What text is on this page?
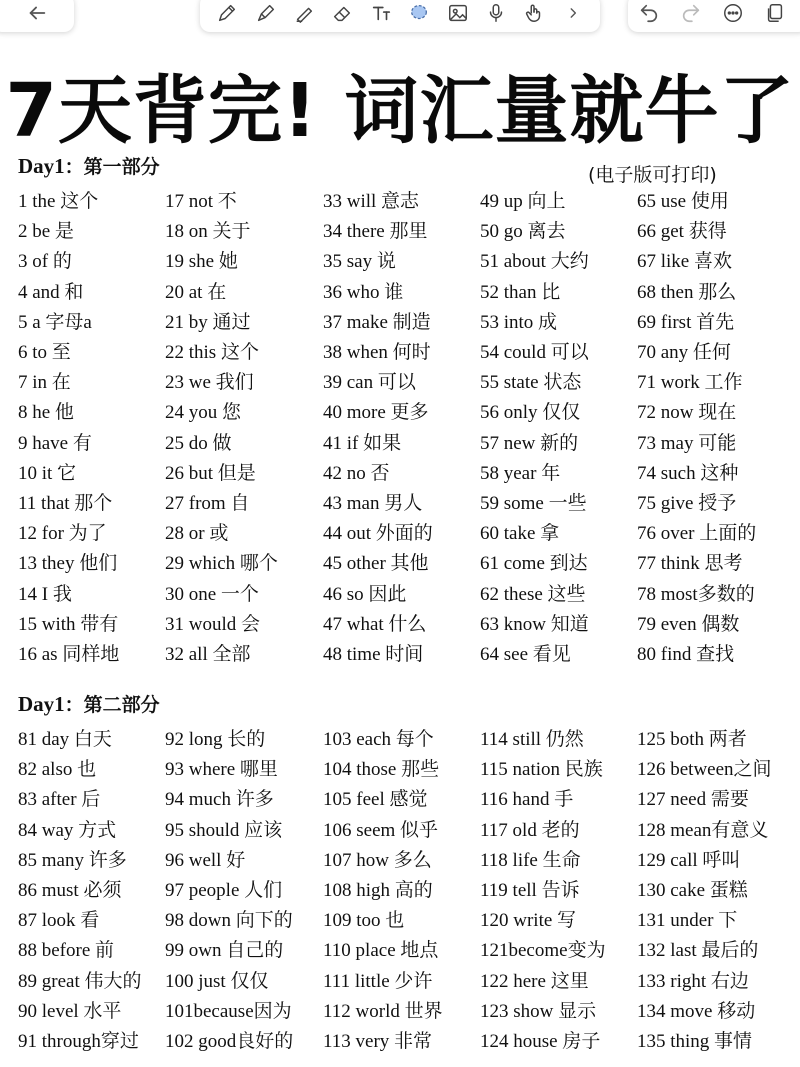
7天背完! 词汇量就牛了
Day1：第一部分	(电子版可打印)
1 the 这个
2 be 是
3 of 的
4 and 和
5 a 字母a
6 to 至
7 in 在
8 he 他
9 have 有
10 it 它
11 that 那个
12 for 为了
13 they 他们
14 I 我
15 with 带有
16 as 同样地
17 not 不
18 on 关于
19 she 她
20 at 在
21 by 通过
22 this 这个
23 we 我们
24 you 您
25 do 做
26 but 但是
27 from 自
28 or 或
29 which 哪个
30 one 一个
31 would 会
32 all 全部
33 will 意志
34 there 那里
35 say 说
36 who 谁
37 make 制造
38 when 何时
39 can 可以
40 more 更多
41 if 如果
42 no 否
43 man 男人
44 out 外面的
45 other 其他
46 so 因此
47 what 什么
48 time 时间
49 up 向上
50 go 离去
51 about 大约
52 than 比
53 into 成
54 could 可以
55 state 状态
56 only 仅仅
57 new 新的
58 year 年
59 some 一些
60 take 拿
61 come 到达
62 these 这些
63 know 知道
64 see 看见
65 use 使用
66 get 获得
67 like 喜欢
68 then 那么
69 first 首先
70 any 任何
71 work 工作
72 now 现在
73 may 可能
74 such 这种
75 give 授予
76 over 上面的
77 think 思考
78 most多数的
79 even 偶数
80 find 查找
Day1：第二部分
81 day 白天
82 also 也
83 after 后
84 way 方式
85 many 许多
86 must 必须
87 look 看
88 before 前
89 great 伟大的
90 level 水平
91 through穿过
92 long 长的
93 where 哪里
94 much 许多
95 should 应该
96 well 好
97 people 人们
98 down 向下的
99 own 自己的
100 just 仅仅
101because因为
102 good良好的
103 each 每个
104 those 那些
105 feel 感觉
106 seem 似乎
107 how 多么
108 high 高的
109 too 也
110 place 地点
111 little 少许
112 world 世界
113 very 非常
114 still 仍然
115 nation 民族
116 hand 手
117 old 老的
118 life 生命
119 tell 告诉
120 write 写
121become变为
122 here 这里
123 show 显示
124 house 房子
125 both 两者
126 between之间
127 need 需要
128 mean有意义
129 call 呼叫
130 cake 蛋糕
131 under 下
132 last 最后的
133 right 右边
134 move 移动
135 thing 事情
